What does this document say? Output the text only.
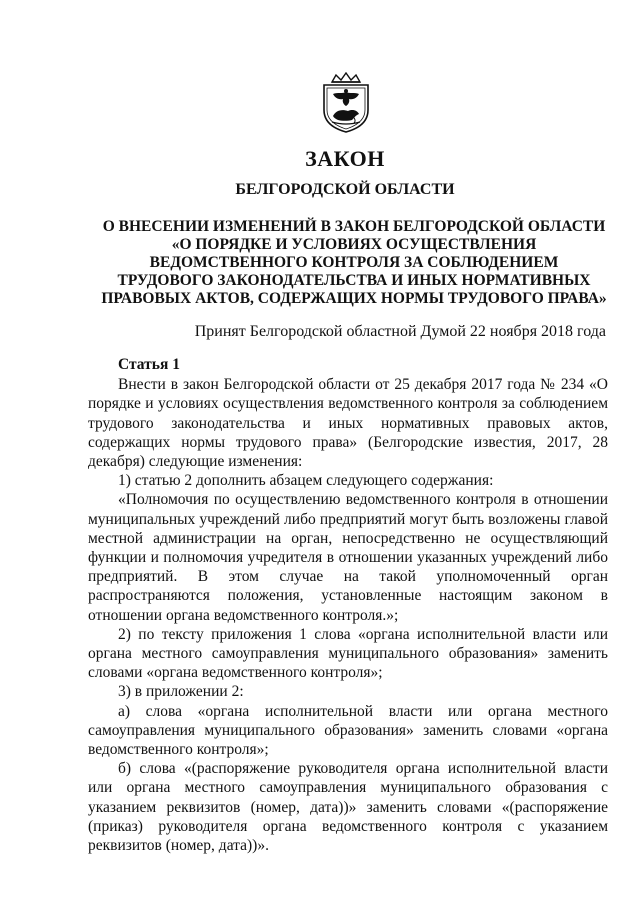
ЗАКОН
БЕЛГОРОДСКОЙ ОБЛАСТИ
О ВНЕСЕНИИ ИЗМЕНЕНИЙ В ЗАКОН БЕЛГОРОДСКОЙ ОБЛАСТИ
«О ПОРЯДКЕ И УСЛОВИЯХ ОСУЩЕСТВЛЕНИЯ
ВЕДОМСТВЕННОГО КОНТРОЛЯ ЗА СОБЛЮДЕНИЕМ
ТРУДОВОГО ЗАКОНОДАТЕЛЬСТВА И ИНЫХ НОРМАТИВНЫХ
ПРАВОВЫХ АКТОВ, СОДЕРЖАЩИХ НОРМЫ ТРУДОВОГО ПРАВА»
Принят Белгородской областной Думой 22 ноября 2018 года
Статья 1

Внести в закон Белгородской области от 25 декабря 2017 года № 234 «О порядке и условиях осуществления ведомственного контроля за соблюдением трудового законодательства и иных нормативных правовых актов, содержащих нормы трудового права» (Белгородские известия, 2017, 28 декабря) следующие изменения:

1) статью 2 дополнить абзацем следующего содержания:

«Полномочия по осуществлению ведомственного контроля в отношении муниципальных учреждений либо предприятий могут быть возложены главой местной администрации на орган, непосредственно не осуществляющий функции и полномочия учредителя в отношении указанных учреждений либо предприятий. В этом случае на такой уполномоченный орган распространяются положения, установленные настоящим законом в отношении органа ведомственного контроля.»;

2) по тексту приложения 1 слова «органа исполнительной власти или органа местного самоуправления муниципального образования» заменить словами «органа ведомственного контроля»;

3) в приложении 2:

а) слова «органа исполнительной власти или органа местного самоуправления муниципального образования» заменить словами «органа ведомственного контроля»;

б) слова «(распоряжение руководителя органа исполнительной власти или органа местного самоуправления муниципального образования с указанием реквизитов (номер, дата))» заменить словами «(распоряжение (приказ) руководителя органа ведомственного контроля с указанием реквизитов (номер, дата))».
